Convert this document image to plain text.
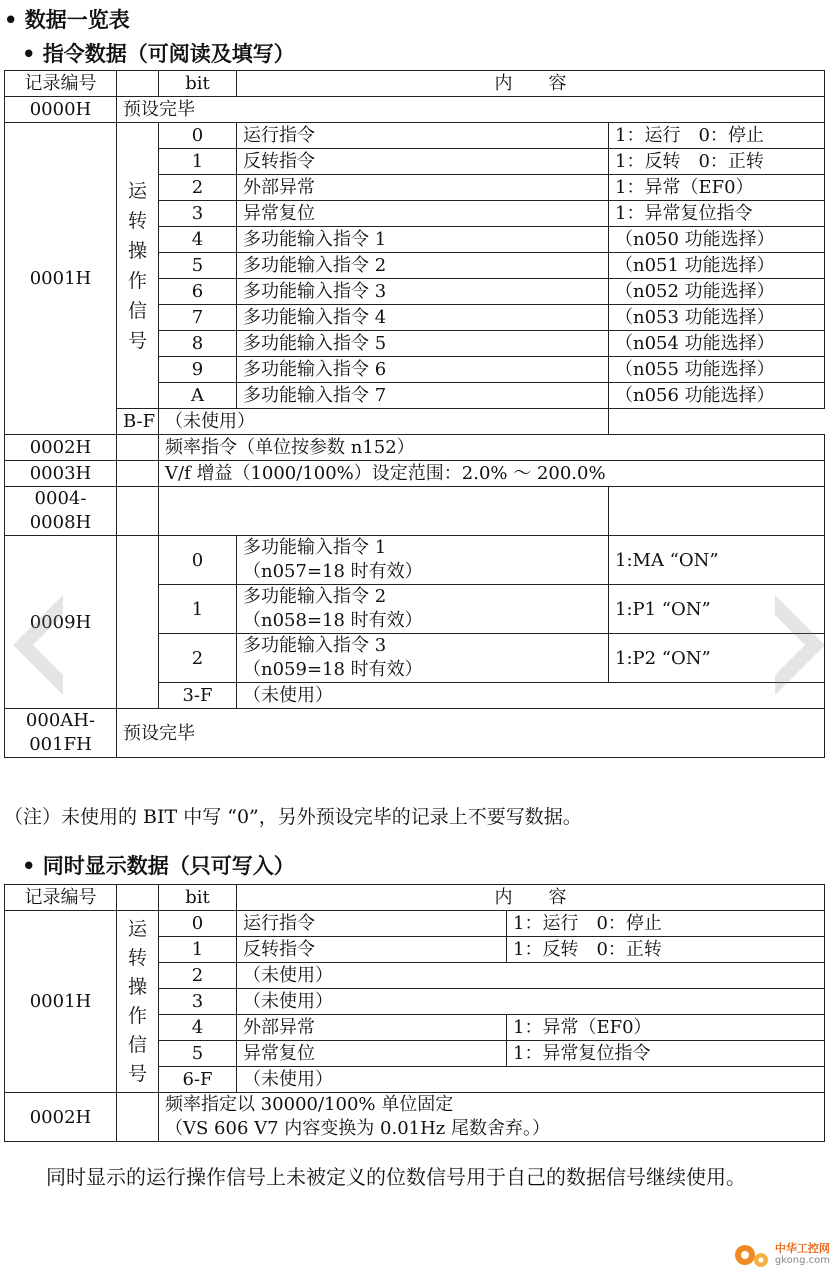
• 数据一览表
• 指令数据（可阅读及填写）
记录编号		bit	内　　容	
0000H	预设完毕			
0001H	运转操作信号	0	运行指令	1：运行　0：停止
		1	反转指令	1：反转　0：正转
		2	外部异常	1：异常（EF0）
		3	异常复位	1：异常复位指令
		4	多功能输入指令 1	（n050 功能选择）
		5	多功能输入指令 2	（n051 功能选择）
		6	多功能输入指令 3	（n052 功能选择）
		7	多功能输入指令 4	（n053 功能选择）
		8	多功能输入指令 5	（n054 功能选择）
		9	多功能输入指令 6	（n055 功能选择）
		A	多功能输入指令 7	（n056 功能选择）
	B-F	（未使用）		
0002H		频率指令（单位按参数 n152）		
0003H		V/f 增益（1000/100%）设定范围：2.0% ～ 200.0%		

0004-
0008H				

0009H		0	多功能输入指令 1
（n057=18 时有效）	1:MA “ON”
		1	多功能输入指令 2
（n058=18 时有效）	1:P1 “ON”
		2	多功能输入指令 3
（n059=18 时有效）	1:P2 “ON”
		3-F	（未使用）	

000AH-
001FH	预设完毕			
（注）未使用的 BIT 中写 “0”，另外预设完毕的记录上不要写数据。
• 同时显示数据（只可写入）
记录编号		bit	内　　容	
0001H	运转操作信号	0	运行指令	1：运行　0：停止
		1	反转指令	1：反转　0：正转
		2	（未使用）	
		3	（未使用）	
		4	外部异常	1：异常（EF0）
		5	异常复位	1：异常复位指令
		6-F	（未使用）	
0002H		频率指定以 30000/100% 单位固定
（VS 606 V7 内容变换为 0.01Hz 尾数舍弃。）		
同时显示的运行操作信号上未被定义的位数信号用于自己的数据信号继续使用。
中华工控网
gkong.com
